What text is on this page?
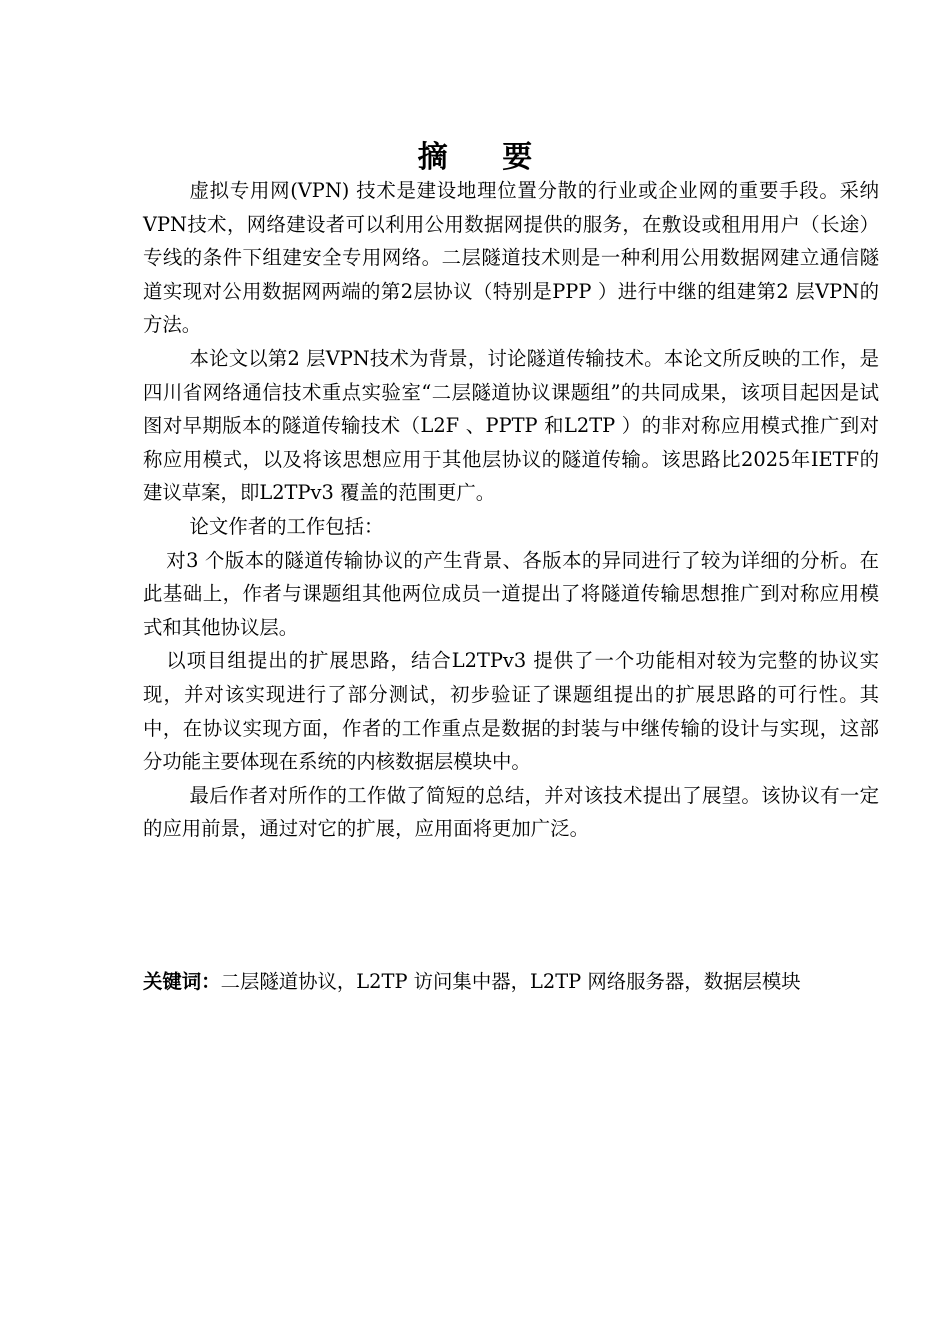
摘 要

虚拟专用网(VPN) 技术是建设地理位置分散的行业或企业网的重要手段。采纳VPN技术，网络建设者可以利用公用数据网提供的服务，在敷设或租用用户（长途）专线的条件下组建安全专用网络。二层隧道技术则是一种利用公用数据网建立通信隧道实现对公用数据网两端的第2层协议（特别是PPP ）进行中继的组建第2 层VPN的方法。

本论文以第2 层VPN技术为背景，讨论隧道传输技术。本论文所反映的工作，是四川省网络通信技术重点实验室“二层隧道协议课题组”的共同成果，该项目起因是试图对早期版本的隧道传输技术（L2F 、PPTP 和L2TP ）的非对称应用模式推广到对称应用模式，以及将该思想应用于其他层协议的隧道传输。该思路比2025年IETF的建议草案，即L2TPv3 覆盖的范围更广。

论文作者的工作包括：

对3 个版本的隧道传输协议的产生背景、各版本的异同进行了较为详细的分析。在此基础上，作者与课题组其他两位成员一道提出了将隧道传输思想推广到对称应用模式和其他协议层。

以项目组提出的扩展思路，结合L2TPv3 提供了一个功能相对较为完整的协议实现，并对该实现进行了部分测试，初步验证了课题组提出的扩展思路的可行性。其中，在协议实现方面，作者的工作重点是数据的封装与中继传输的设计与实现，这部分功能主要体现在系统的内核数据层模块中。

最后作者对所作的工作做了简短的总结，并对该技术提出了展望。该协议有一定的应用前景，通过对它的扩展，应用面将更加广泛。

关键词：二层隧道协议，L2TP 访问集中器，L2TP 网络服务器，数据层模块
